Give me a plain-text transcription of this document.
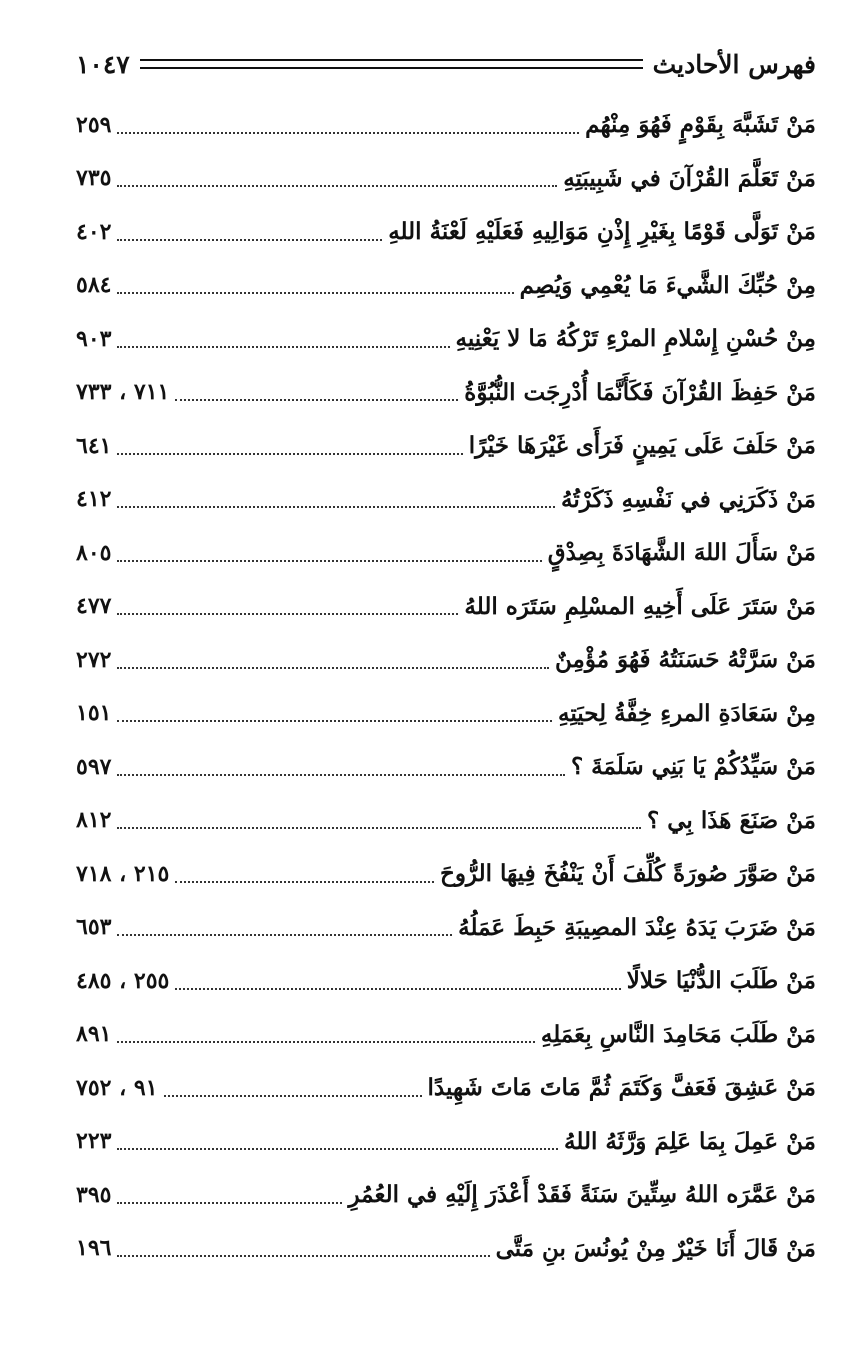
فهرس الأحاديث
١٠٤٧
مَنْ تَشَبَّهَ بِقَوْمٍ فَهُوَ مِنْهُم
٢٥٩
مَنْ تَعَلَّمَ القُرْآنَ في شَبِيبَتِهِ
٧٣٥
مَنْ تَوَلَّى قَوْمًا بِغَيْرِ إِذْنِ مَوَالِيهِ فَعَلَيْهِ لَعْنَةُ اللهِ
٤٠٢
مِنْ حُبِّكَ الشَّيءَ مَا يُعْمِي وَيُصِم
٥٨٤
مِنْ حُسْنِ إِسْلامِ المرْءِ تَرْكُهُ مَا لا يَعْنِيهِ
٩٠٣
مَنْ حَفِظَ القُرْآنَ فَكَأَنَّمَا أُدْرِجَت النُّبُوَّةُ
٧١١ ، ٧٣٣
مَنْ حَلَفَ عَلَى يَمِينٍ فَرَأَى غَيْرَهَا خَيْرًا
٦٤١
مَنْ ذَكَرَنِي في نَفْسِهِ ذَكَرْتُهُ
٤١٢
مَنْ سَأَلَ اللهَ الشَّهَادَةَ بِصِدْقٍ
٨٠٥
مَنْ سَتَرَ عَلَى أَخِيهِ المسْلِمِ سَتَرَه اللهُ
٤٧٧
مَنْ سَرَّتْهُ حَسَنَتُهُ فَهُوَ مُؤْمِنٌ
٢٧٢
مِنْ سَعَادَةِ المرءِ خِفَّةُ لِحيَتِهِ
١٥١
مَنْ سَيِّدُكُمْ يَا بَنِي سَلَمَةَ ؟
٥٩٧
مَنْ صَنَعَ هَذَا بِي ؟
٨١٢
مَنْ صَوَّرَ صُورَةً كُلِّفَ أَنْ يَنْفُخَ فِيهَا الرُّوحَ
٢١٥ ، ٧١٨
مَنْ ضَرَبَ يَدَهُ عِنْدَ المصِيبَةِ حَبِطَ عَمَلُهُ
٦٥٣
مَنْ طَلَبَ الدُّنْيَا حَلالًا
٢٥٥ ، ٤٨٥
مَنْ طَلَبَ مَحَامِدَ النَّاسِ بِعَمَلِهِ
٨٩١
مَنْ عَشِقَ فَعَفَّ وَكَتَمَ ثُمَّ مَاتَ مَاتَ شَهِيدًا
٩١ ، ٧٥٢
مَنْ عَمِلَ بِمَا عَلِمَ وَرَّثَهُ اللهُ
٢٢٣
مَنْ عَمَّرَه اللهُ سِتِّينَ سَنَةً فَقَدْ أَعْذَرَ إِلَيْهِ في العُمُرِ
٣٩٥
مَنْ قَالَ أَنَا خَيْرٌ مِنْ يُونُسَ بنِ مَتَّى
١٩٦
